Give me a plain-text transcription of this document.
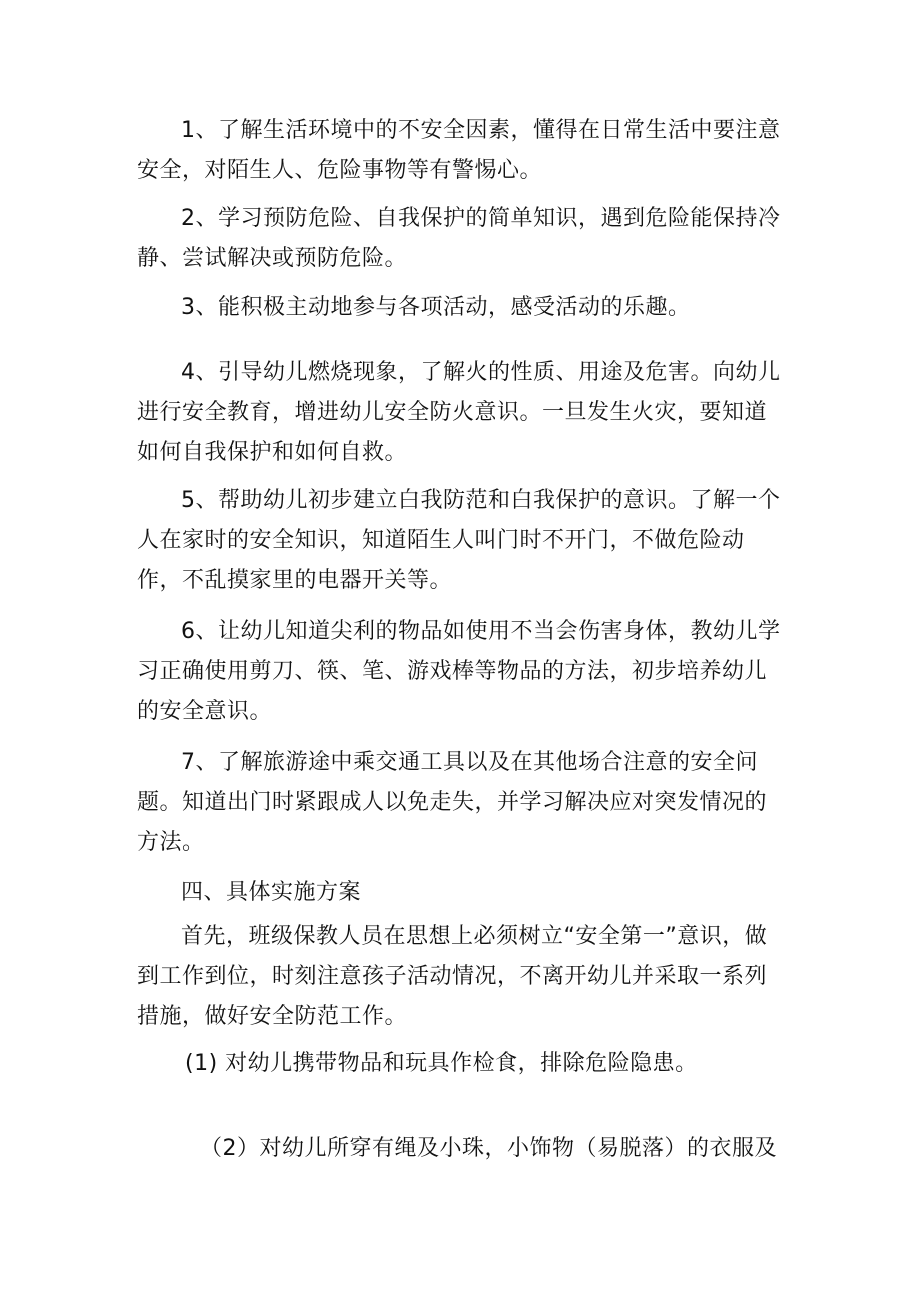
1、了解生活环境中的不安全因素，懂得在日常生活中要注意安全，对陌生人、危险事物等有警惕心。

2、学习预防危险、自我保护的简单知识，遇到危险能保持冷静、尝试解决或预防危险。

3、能积极主动地参与各项活动，感受活动的乐趣。

4、引导幼儿燃烧现象，了解火的性质、用途及危害。向幼儿进行安全教育，增进幼儿安全防火意识。一旦发生火灾，要知道如何自我保护和如何自救。

5、帮助幼儿初步建立白我防范和白我保护的意识。了解一个人在家时的安全知识，知道陌生人叫门时不开门，不做危险动作，不乱摸家里的电器开关等。

6、让幼儿知道尖利的物品如使用不当会伤害身体，教幼儿学习正确使用剪刀、筷、笔、游戏棒等物品的方法，初步培养幼儿的安全意识。

7、了解旅游途中乘交通工具以及在其他场合注意的安全问题。知道出门时紧跟成人以免走失，并学习解决应对突发情况的方法。

四、具体实施方案

首先，班级保教人员在思想上必须树立“安全第一”意识，做到工作到位，时刻注意孩子活动情况，不离开幼儿并采取一系列措施，做好安全防范工作。

(1) 对幼儿携带物品和玩具作检食，排除危险隐患。

（2）对幼儿所穿有绳及小珠，小饰物（易脱落）的衣服及
